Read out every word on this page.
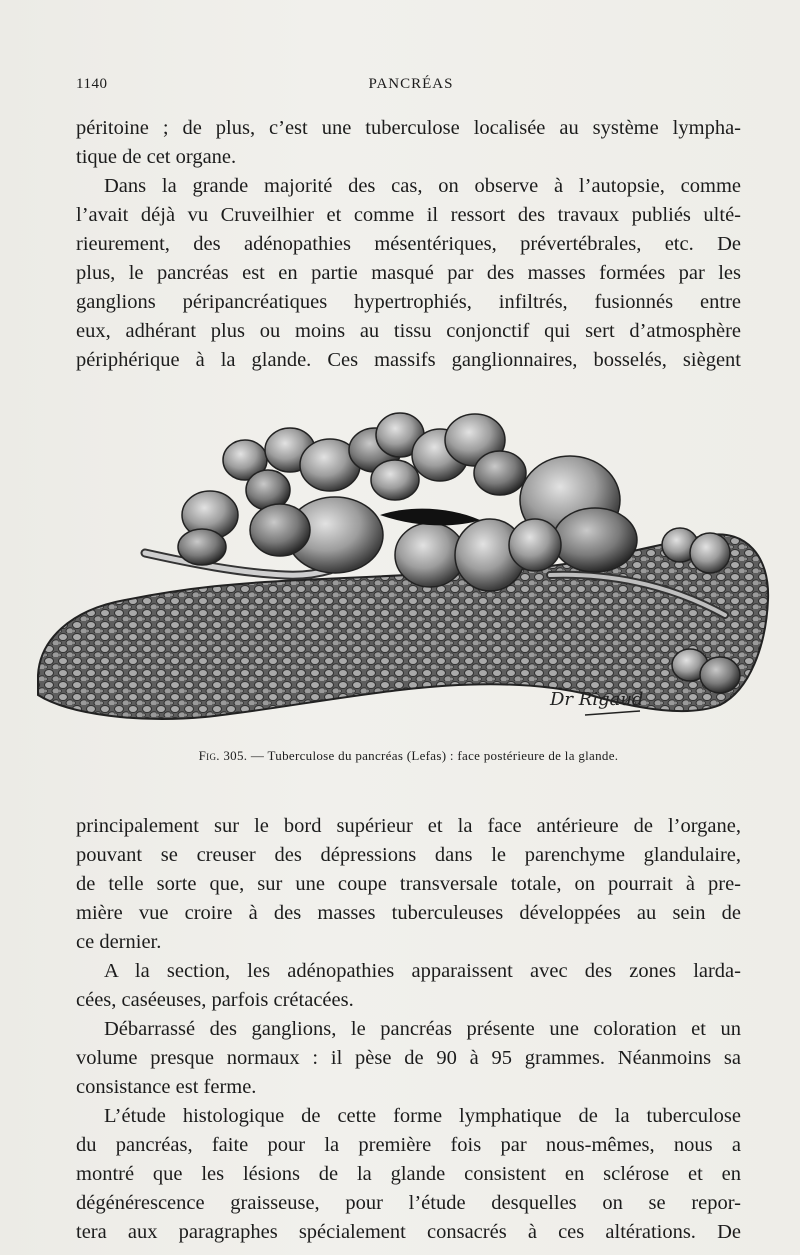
1140	PANCRÉAS

péritoine ; de plus, c’est une tuberculose localisée au système lympha-
tique de cet organe.
Dans la grande majorité des cas, on observe à l’autopsie, comme
l’avait déjà vu Cruveilhier et comme il ressort des travaux publiés ulté-
rieurement, des adénopathies mésentériques, prévertébrales, etc. De
plus, le pancréas est en partie masqué par des masses formées par les
ganglions péripancréatiques hypertrophiés, infiltrés, fusionnés entre
eux, adhérant plus ou moins au tissu conjonctif qui sert d’atmosphère
périphérique à la glande. Ces massifs ganglionnaires, bosselés, siègent

Dr Rigaud
Fig. 305. — Tuberculose du pancréas (Lefas) : face postérieure de la glande.

principalement sur le bord supérieur et la face antérieure de l’organe,
pouvant se creuser des dépressions dans le parenchyme glandulaire,
de telle sorte que, sur une coupe transversale totale, on pourrait à pre-
mière vue croire à des masses tuberculeuses développées au sein de
ce dernier.
A la section, les adénopathies apparaissent avec des zones larda-
cées, caséeuses, parfois crétacées.
Débarrassé des ganglions, le pancréas présente une coloration et un
volume presque normaux : il pèse de 90 à 95 grammes. Néanmoins sa
consistance est ferme.
L’étude histologique de cette forme lymphatique de la tuberculose
du pancréas, faite pour la première fois par nous-mêmes, nous a
montré que les lésions de la glande consistent en sclérose et en
dégénérescence graisseuse, pour l’étude desquelles on se repor-
tera aux paragraphes spécialement consacrés à ces altérations. De
